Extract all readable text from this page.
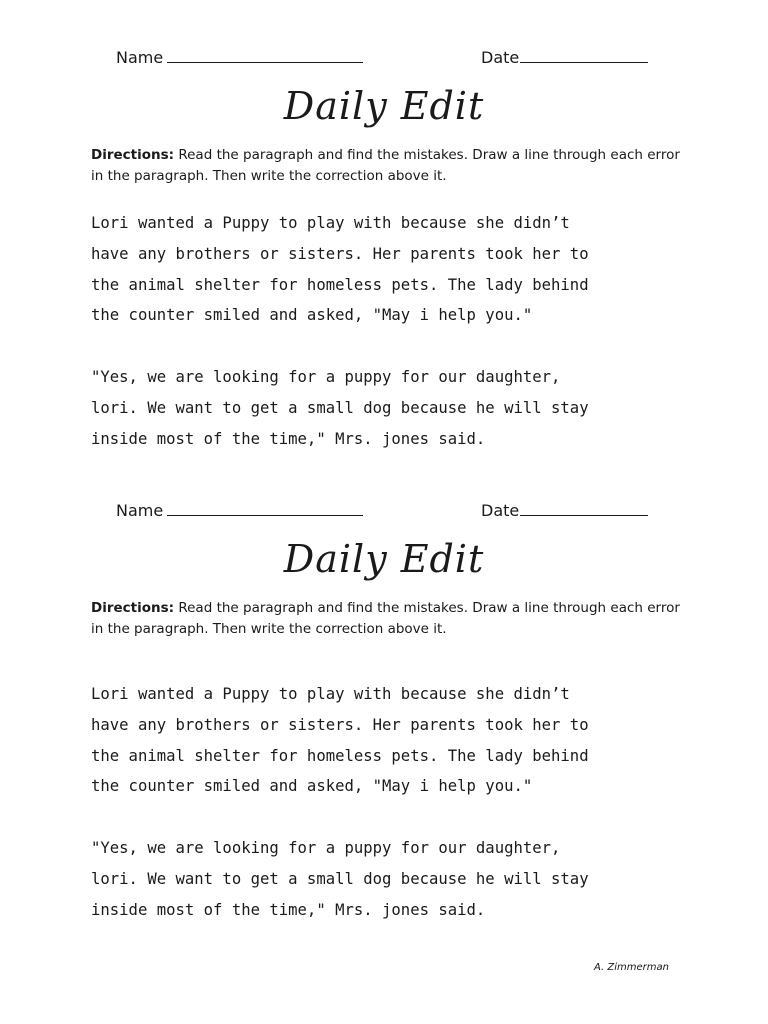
Name	Date
Daily Edit
Directions: Read the paragraph and find the mistakes. Draw a line through each error in the paragraph. Then write the correction above it.
Lori wanted a Puppy to play with because she didn’t
have any brothers or sisters. Her parents took her to
the animal shelter for homeless pets. The lady behind
the counter smiled and asked, "May i help you."
"Yes, we are looking for a puppy for our daughter,
lori. We want to get a small dog because he will stay
inside most of the time," Mrs. jones said.
Name	Date
Daily Edit
Directions: Read the paragraph and find the mistakes. Draw a line through each error in the paragraph. Then write the correction above it.
Lori wanted a Puppy to play with because she didn’t
have any brothers or sisters. Her parents took her to
the animal shelter for homeless pets. The lady behind
the counter smiled and asked, "May i help you."
"Yes, we are looking for a puppy for our daughter,
lori. We want to get a small dog because he will stay
inside most of the time," Mrs. jones said.
A. Zimmerman
